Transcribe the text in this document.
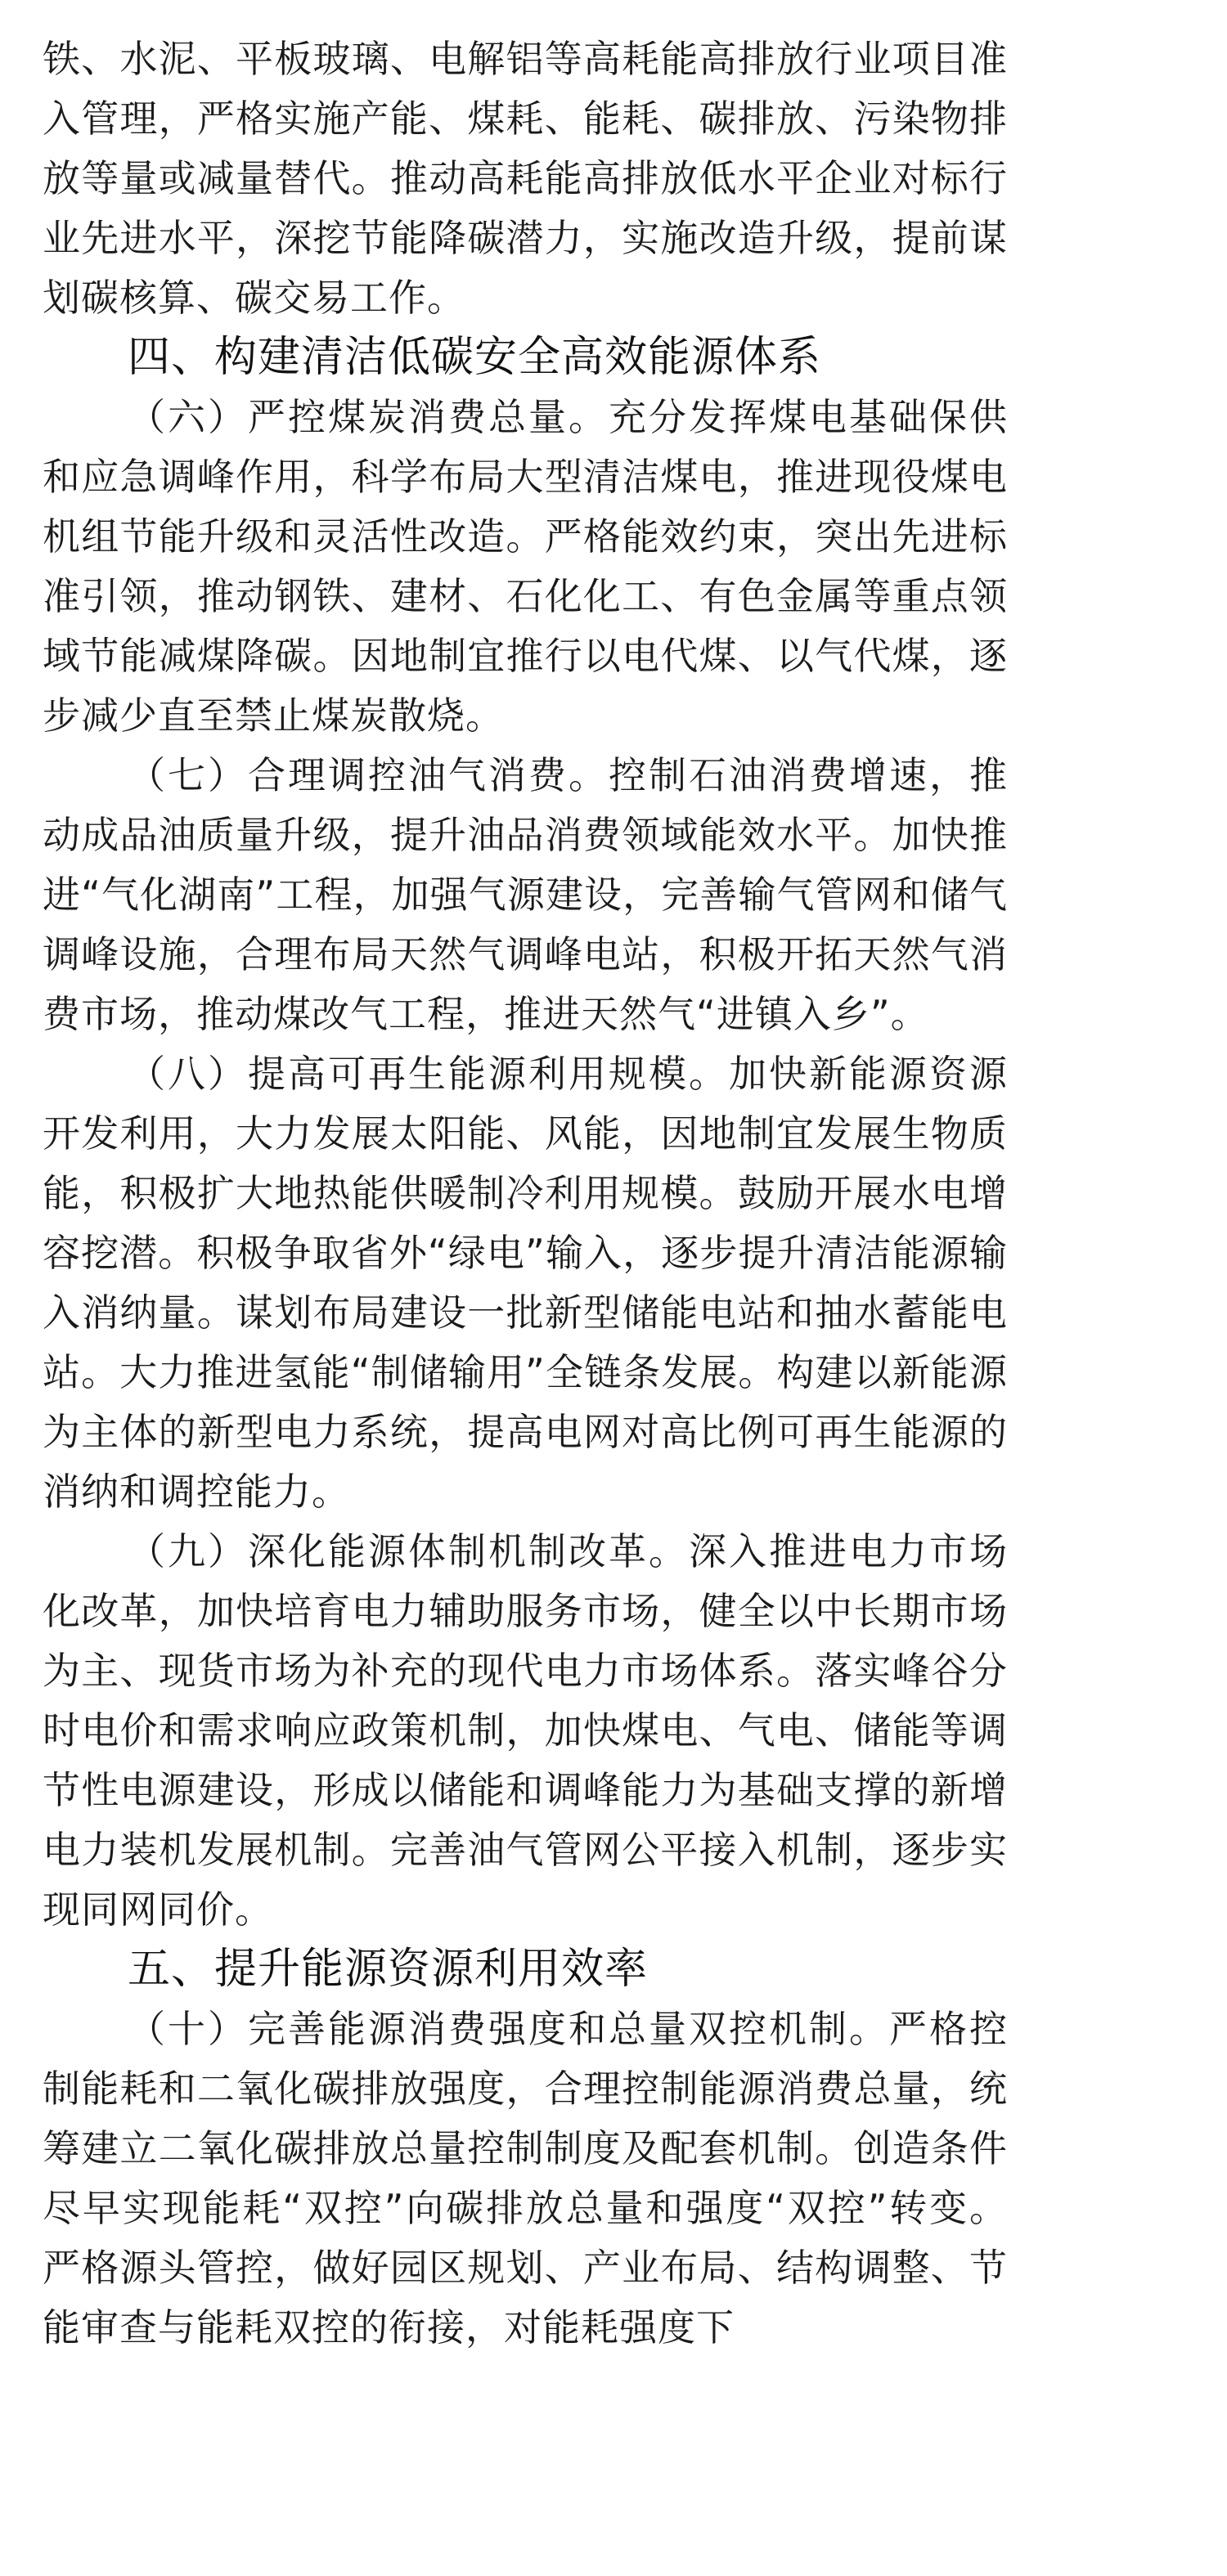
铁、水泥、平板玻璃、电解铝等高耗能高排放行业项目准入管理，严格实施产能、煤耗、能耗、碳排放、污染物排放等量或减量替代。推动高耗能高排放低水平企业对标行业先进水平，深挖节能降碳潜力，实施改造升级，提前谋划碳核算、碳交易工作。

四、构建清洁低碳安全高效能源体系

（六）严控煤炭消费总量。充分发挥煤电基础保供和应急调峰作用，科学布局大型清洁煤电，推进现役煤电机组节能升级和灵活性改造。严格能效约束，突出先进标准引领，推动钢铁、建材、石化化工、有色金属等重点领域节能减煤降碳。因地制宜推行以电代煤、以气代煤，逐步减少直至禁止煤炭散烧。

（七）合理调控油气消费。控制石油消费增速，推动成品油质量升级，提升油品消费领域能效水平。加快推进“气化湖南”工程，加强气源建设，完善输气管网和储气调峰设施，合理布局天然气调峰电站，积极开拓天然气消费市场，推动煤改气工程，推进天然气“进镇入乡”。

（八）提高可再生能源利用规模。加快新能源资源开发利用，大力发展太阳能、风能，因地制宜发展生物质能，积极扩大地热能供暖制冷利用规模。鼓励开展水电增容挖潜。积极争取省外“绿电”输入，逐步提升清洁能源输入消纳量。谋划布局建设一批新型储能电站和抽水蓄能电站。大力推进氢能“制储输用”全链条发展。构建以新能源为主体的新型电力系统，提高电网对高比例可再生能源的消纳和调控能力。

（九）深化能源体制机制改革。深入推进电力市场化改革，加快培育电力辅助服务市场，健全以中长期市场为主、现货市场为补充的现代电力市场体系。落实峰谷分时电价和需求响应政策机制，加快煤电、气电、储能等调节性电源建设，形成以储能和调峰能力为基础支撑的新增电力装机发展机制。完善油气管网公平接入机制，逐步实现同网同价。

五、提升能源资源利用效率

（十）完善能源消费强度和总量双控机制。严格控制能耗和二氧化碳排放强度，合理控制能源消费总量，统筹建立二氧化碳排放总量控制制度及配套机制。创造条件尽早实现能耗“双控”向碳排放总量和强度“双控”转变。严格源头管控，做好园区规划、产业布局、结构调整、节能审查与能耗双控的衔接，对能耗强度下
